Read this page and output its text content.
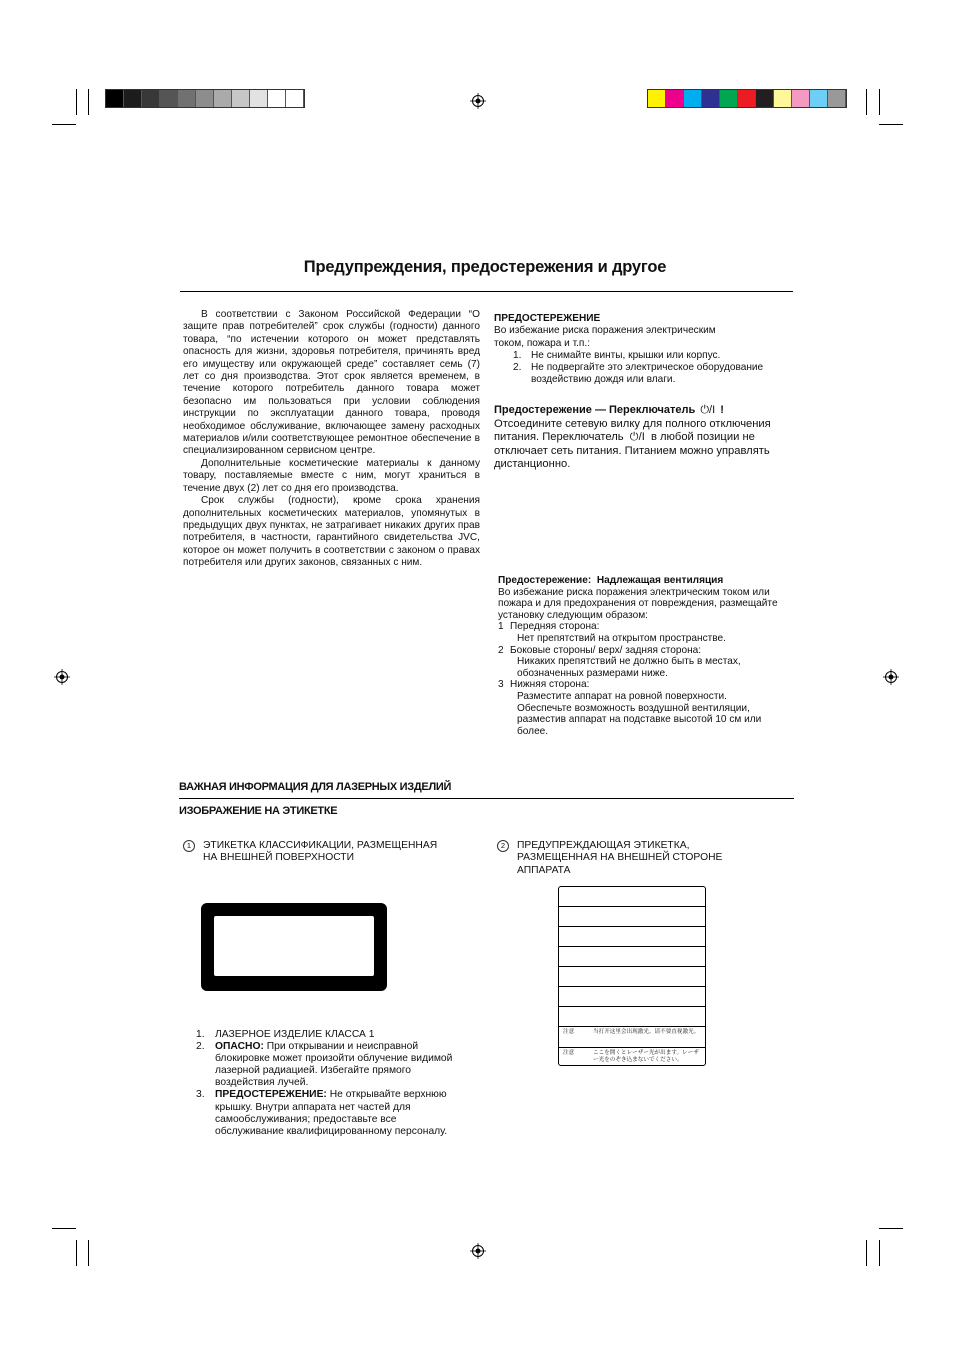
Предупреждения, предостережения и другое

В соответствии с Законом Российской Федерации “О защите прав потребителей” срок службы (годности) данного товара, “по истечении которого он может представлять опасность для жизни, здоровья потребителя, причинять вред его имуществу или окружающей среде” составляет семь (7) лет со дня производства. Этот срок является временем, в течение которого потребитель данного товара может безопасно им пользоваться при условии соблюдения инструкции по эксплуатации данного товара, проводя необходимое обслуживание, включающее замену расходных материалов и/или соответствующее ремонтное обеспечение в специализированном сервисном центре.

Дополнительные косметические материалы к данному товару, поставляемые вместе с ним, могут храниться в течение двух (2) лет со дня его производства.

Срок службы (годности), кроме срока хранения дополнительных косметических материалов, упомянутых в предыдущих двух пунктах, не затрагивает никаких других прав потребителя, в частности, гарантийного свидетельства JVC, которое он может получить в соответствии с законом о правах потребителя или других законов, связанных с ним.

ПРЕДОСТЕРЕЖЕНИЕ
Во избежание риска поражения электрическим током, пожара и т.п.:
1. Не снимайте винты, крышки или корпус.
2. Не подвергайте это электрическое оборудование воздействию дождя или влаги.
Предостережение — Переключатель ⏻/I !
Отсоедините сетевую вилку для полного отключения питания. Переключатель ⏻/I в любой позиции не отключает сеть питания. Питанием можно управлять дистанционно.
Предостережение:  Надлежащая вентиляция
Во избежание риска поражения электрическим током или пожара и для предохранения от повреждения, размещайте установку следующим образом:
1 Передняя сторона:
Нет препятствий на открытом пространстве.
2 Боковые стороны/ верх/ задняя сторона:
Никаких препятствий не должно быть в местах, обозначенных размерами ниже.
3 Нижняя сторона:
Разместите аппарат на ровной поверхности.
Обеспечьте возможность воздушной вентиляции, разместив аппарат на подставке высотой 10 см или более.
ВАЖНАЯ ИНФОРМАЦИЯ ДЛЯ ЛАЗЕРНЫХ ИЗДЕЛИЙ
ИЗОБРАЖЕНИЕ НА ЭТИКЕТКЕ
1	ЭТИКЕТКА КЛАССИФИКАЦИИ, РАЗМЕЩЕННАЯ НА ВНЕШНЕЙ ПОВЕРХНОСТИ
2	ПРЕДУПРЕЖДАЮЩАЯ ЭТИКЕТКА, РАЗМЕЩЕННАЯ НА ВНЕШНЕЙ СТОРОНЕ АППАРАТА
注意	当打开这里会出现激光。请不要直视激光。
注意	ここを開くとレーザー光が出ます。レーザー光をのぞき込まないでください。
1.	ЛАЗЕРНОЕ ИЗДЕЛИЕ КЛАССА 1
2.	ОПАСНО: При открывании и неисправной блокировке может произойти облучение видимой лазерной радиацией. Избегайте прямого воздействия лучей.
3.	ПРЕДОСТЕРЕЖЕНИЕ: Не открывайте верхнюю крышку. Внутри аппарата нет частей для самообслуживания; предоставьте все обслуживание квалифицированному персоналу.
